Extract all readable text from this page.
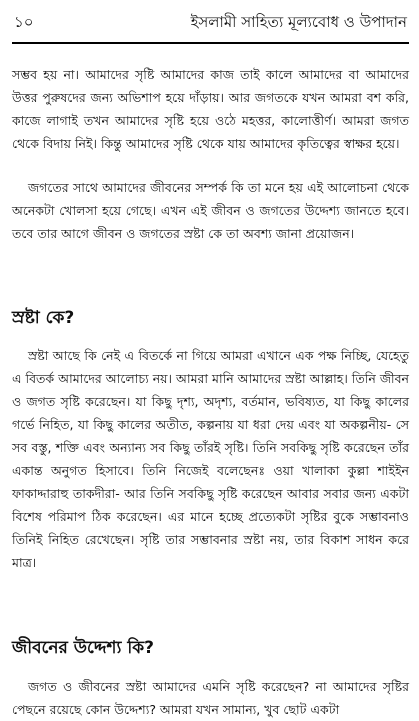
১০	ইসলামী সাহিত্য মূল্যবোধ ও উপাদান

সম্ভব হয় না। আমাদের সৃষ্টি আমাদের কাজ তাই কালে আমাদের বা আমাদের উত্তর পুরুষদের জন্য অভিশাপ হয়ে দাঁড়ায়। আর জগতকে যখন আমরা বশ করি, কাজে লাগাই তখন আমাদের সৃষ্টি হয়ে ওঠে মহত্তর, কালোত্তীর্ণ। আমরা জগত থেকে বিদায় নিই। কিন্তু আমাদের সৃষ্টি থেকে যায় আমাদের কৃতিত্বের স্বাক্ষর হয়ে।

জগতের সাথে আমাদের জীবনের সম্পর্ক কি তা মনে হয় এই আলোচনা থেকে অনেকটা খোলসা হয়ে গেছে। এখন এই জীবন ও জগতের উদ্দেশ্য জানতে হবে। তবে তার আগে জীবন ও জগতের স্রষ্টা কে তা অবশ্য জানা প্রয়োজন।

স্রষ্টা কে?

স্রষ্টা আছে কি নেই এ বিতর্কে না গিয়ে আমরা এখানে এক পক্ষ নিচ্ছি, যেহেতু এ বিতর্ক আমাদের আলোচ্য নয়। আমরা মানি আমাদের স্রষ্টা আল্লাহ। তিনি জীবন ও জগত সৃষ্টি করেছেন। যা কিছু দৃশ্য, অদৃশ্য, বর্তমান, ভবিষ্যত, যা কিছু কালের গর্ভে নিহিত, যা কিছু কালের অতীত, কল্পনায় যা ধরা দেয় এবং যা অকল্পনীয়- সে সব বস্তু, শক্তি এবং অন্যান্য সব কিছু তাঁরই সৃষ্টি। তিনি সবকিছু সৃষ্টি করেছেন তাঁর একান্ত অনুগত হিসাবে। তিনি নিজেই বলেছেনঃ ওয়া খালাকা কুল্লা শাইইন ফাকাদ্দারাহু তাকদীরা- আর তিনি সবকিছু সৃষ্টি করেছেন আবার সবার জন্য একটা বিশেষ পরিমাপ ঠিক করেছেন। এর মানে হচ্ছে প্রত্যেকটা সৃষ্টির বুকে সম্ভাবনাও তিনিই নিহিত রেখেছেন। সৃষ্টি তার সম্ভাবনার স্রষ্টা নয়, তার বিকাশ সাধন করে মাত্র।

জীবনের উদ্দেশ্য কি?

জগত ও জীবনের স্রষ্টা আমাদের এমনি সৃষ্টি করেছেন? না আমাদের সৃষ্টির পেছনে রয়েছে কোন উদ্দেশ্য? আমরা যখন সামান্য, খুব ছোট একটা
